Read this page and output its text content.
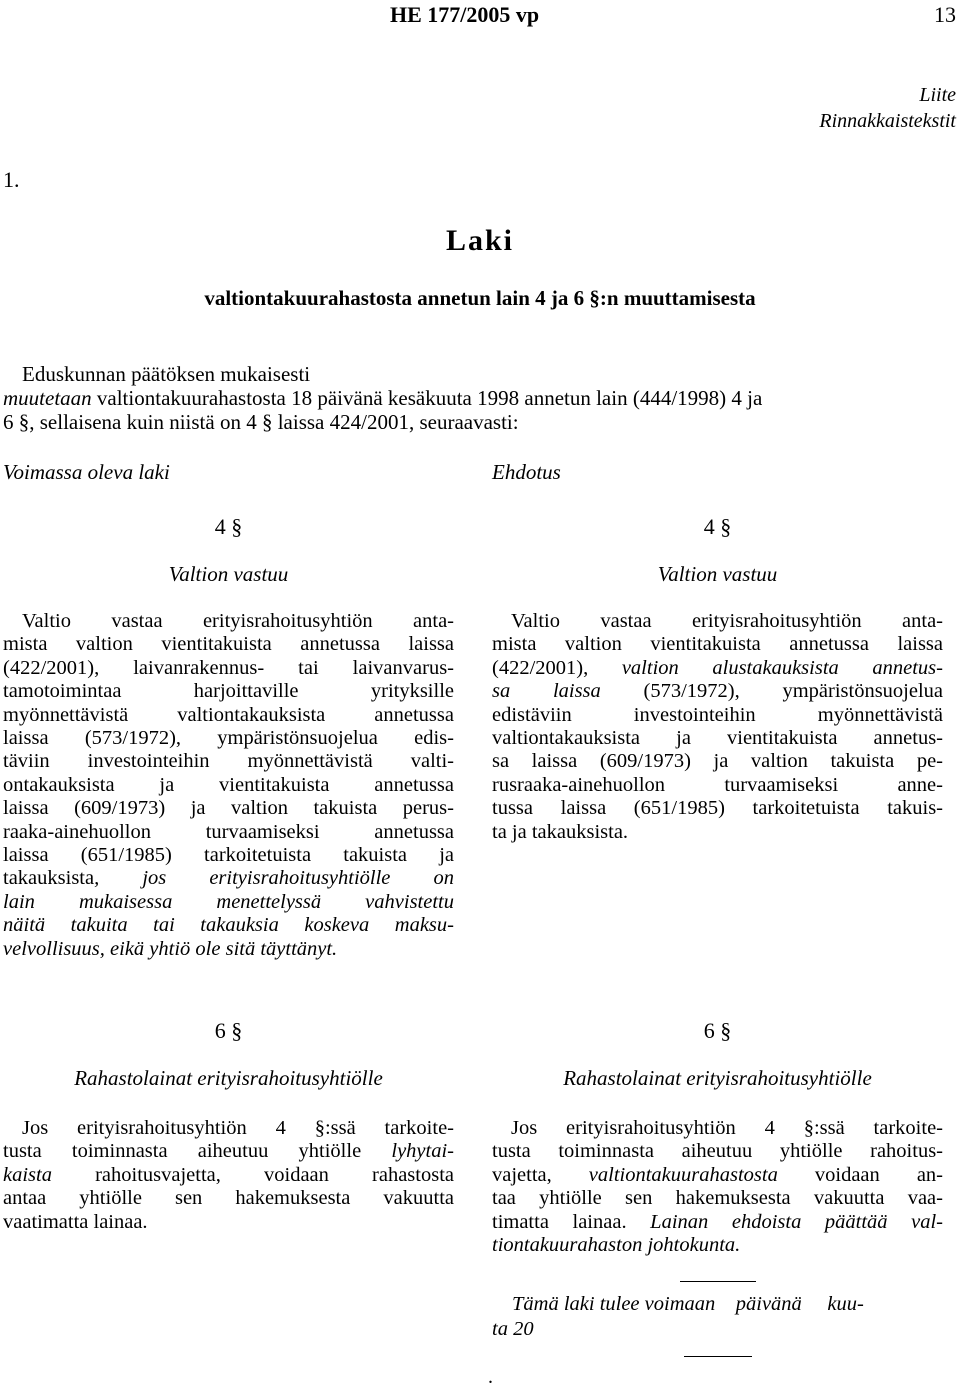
HE 177/2005 vp	13
Liite
Rinnakkaistekstit
1.
Laki
valtiontakuurahastosta annetun lain 4 ja 6 §:n muuttamisesta
Eduskunnan päätöksen mukaisesti
muutetaan valtiontakuurahastosta 18 päivänä kesäkuuta 1998 annetun lain (444/1998) 4 ja
6 §, sellaisena kuin niistä on 4 § laissa 424/2001, seuraavasti:
Voimassa oleva laki	Ehdotus
4 §
Valtion vastuu
Valtio vastaa erityisrahoitusyhtiön anta-
mista valtion vientitakuista annetussa laissa
(422/2001), laivanrakennus- tai laivanvarus-
tamotoimintaa harjoittaville yrityksille
myönnettävistä valtiontakauksista annetussa
laissa (573/1972), ympäristönsuojelua edis-
täviin investointeihin myönnettävistä valti-
ontakauksista ja vientitakuista annetussa
laissa (609/1973) ja valtion takuista perus-
raaka-ainehuollon turvaamiseksi annetussa
laissa (651/1985) tarkoitetuista takuista ja
takauksista, jos erityisrahoitusyhtiölle on
lain mukaisessa menettelyssä vahvistettu
näitä takuita tai takauksia koskeva maksu-
velvollisuus, eikä yhtiö ole sitä täyttänyt.
6 §
Rahastolainat erityisrahoitusyhtiölle
Jos erityisrahoitusyhtiön 4 §:ssä tarkoite-
tusta toiminnasta aiheutuu yhtiölle lyhytai-
kaista rahoitusvajetta, voidaan rahastosta
antaa yhtiölle sen hakemuksesta vakuutta
vaatimatta lainaa.
4 §
Valtion vastuu
Valtio vastaa erityisrahoitusyhtiön anta-
mista valtion vientitakuista annetussa laissa
(422/2001), valtion alustakauksista annetus-
sa laissa (573/1972), ympäristönsuojelua
edistäviin investointeihin myönnettävistä
valtiontakauksista ja vientitakuista annetus-
sa laissa (609/1973) ja valtion takuista pe-
rusraaka-ainehuollon turvaamiseksi anne-
tussa laissa (651/1985) tarkoitetuista takuis-
ta ja takauksista.
6 §
Rahastolainat erityisrahoitusyhtiölle
Jos erityisrahoitusyhtiön 4 §:ssä tarkoite-
tusta toiminnasta aiheutuu yhtiölle rahoitus-
vajetta, valtiontakuurahastosta voidaan an-
taa yhtiölle sen hakemuksesta vakuutta vaa-
timatta lainaa. Lainan ehdoista päättää val-
tiontakuurahaston johtokunta.
Tämä laki tulee voimaan    päivänä     kuu-
ta 20
.
